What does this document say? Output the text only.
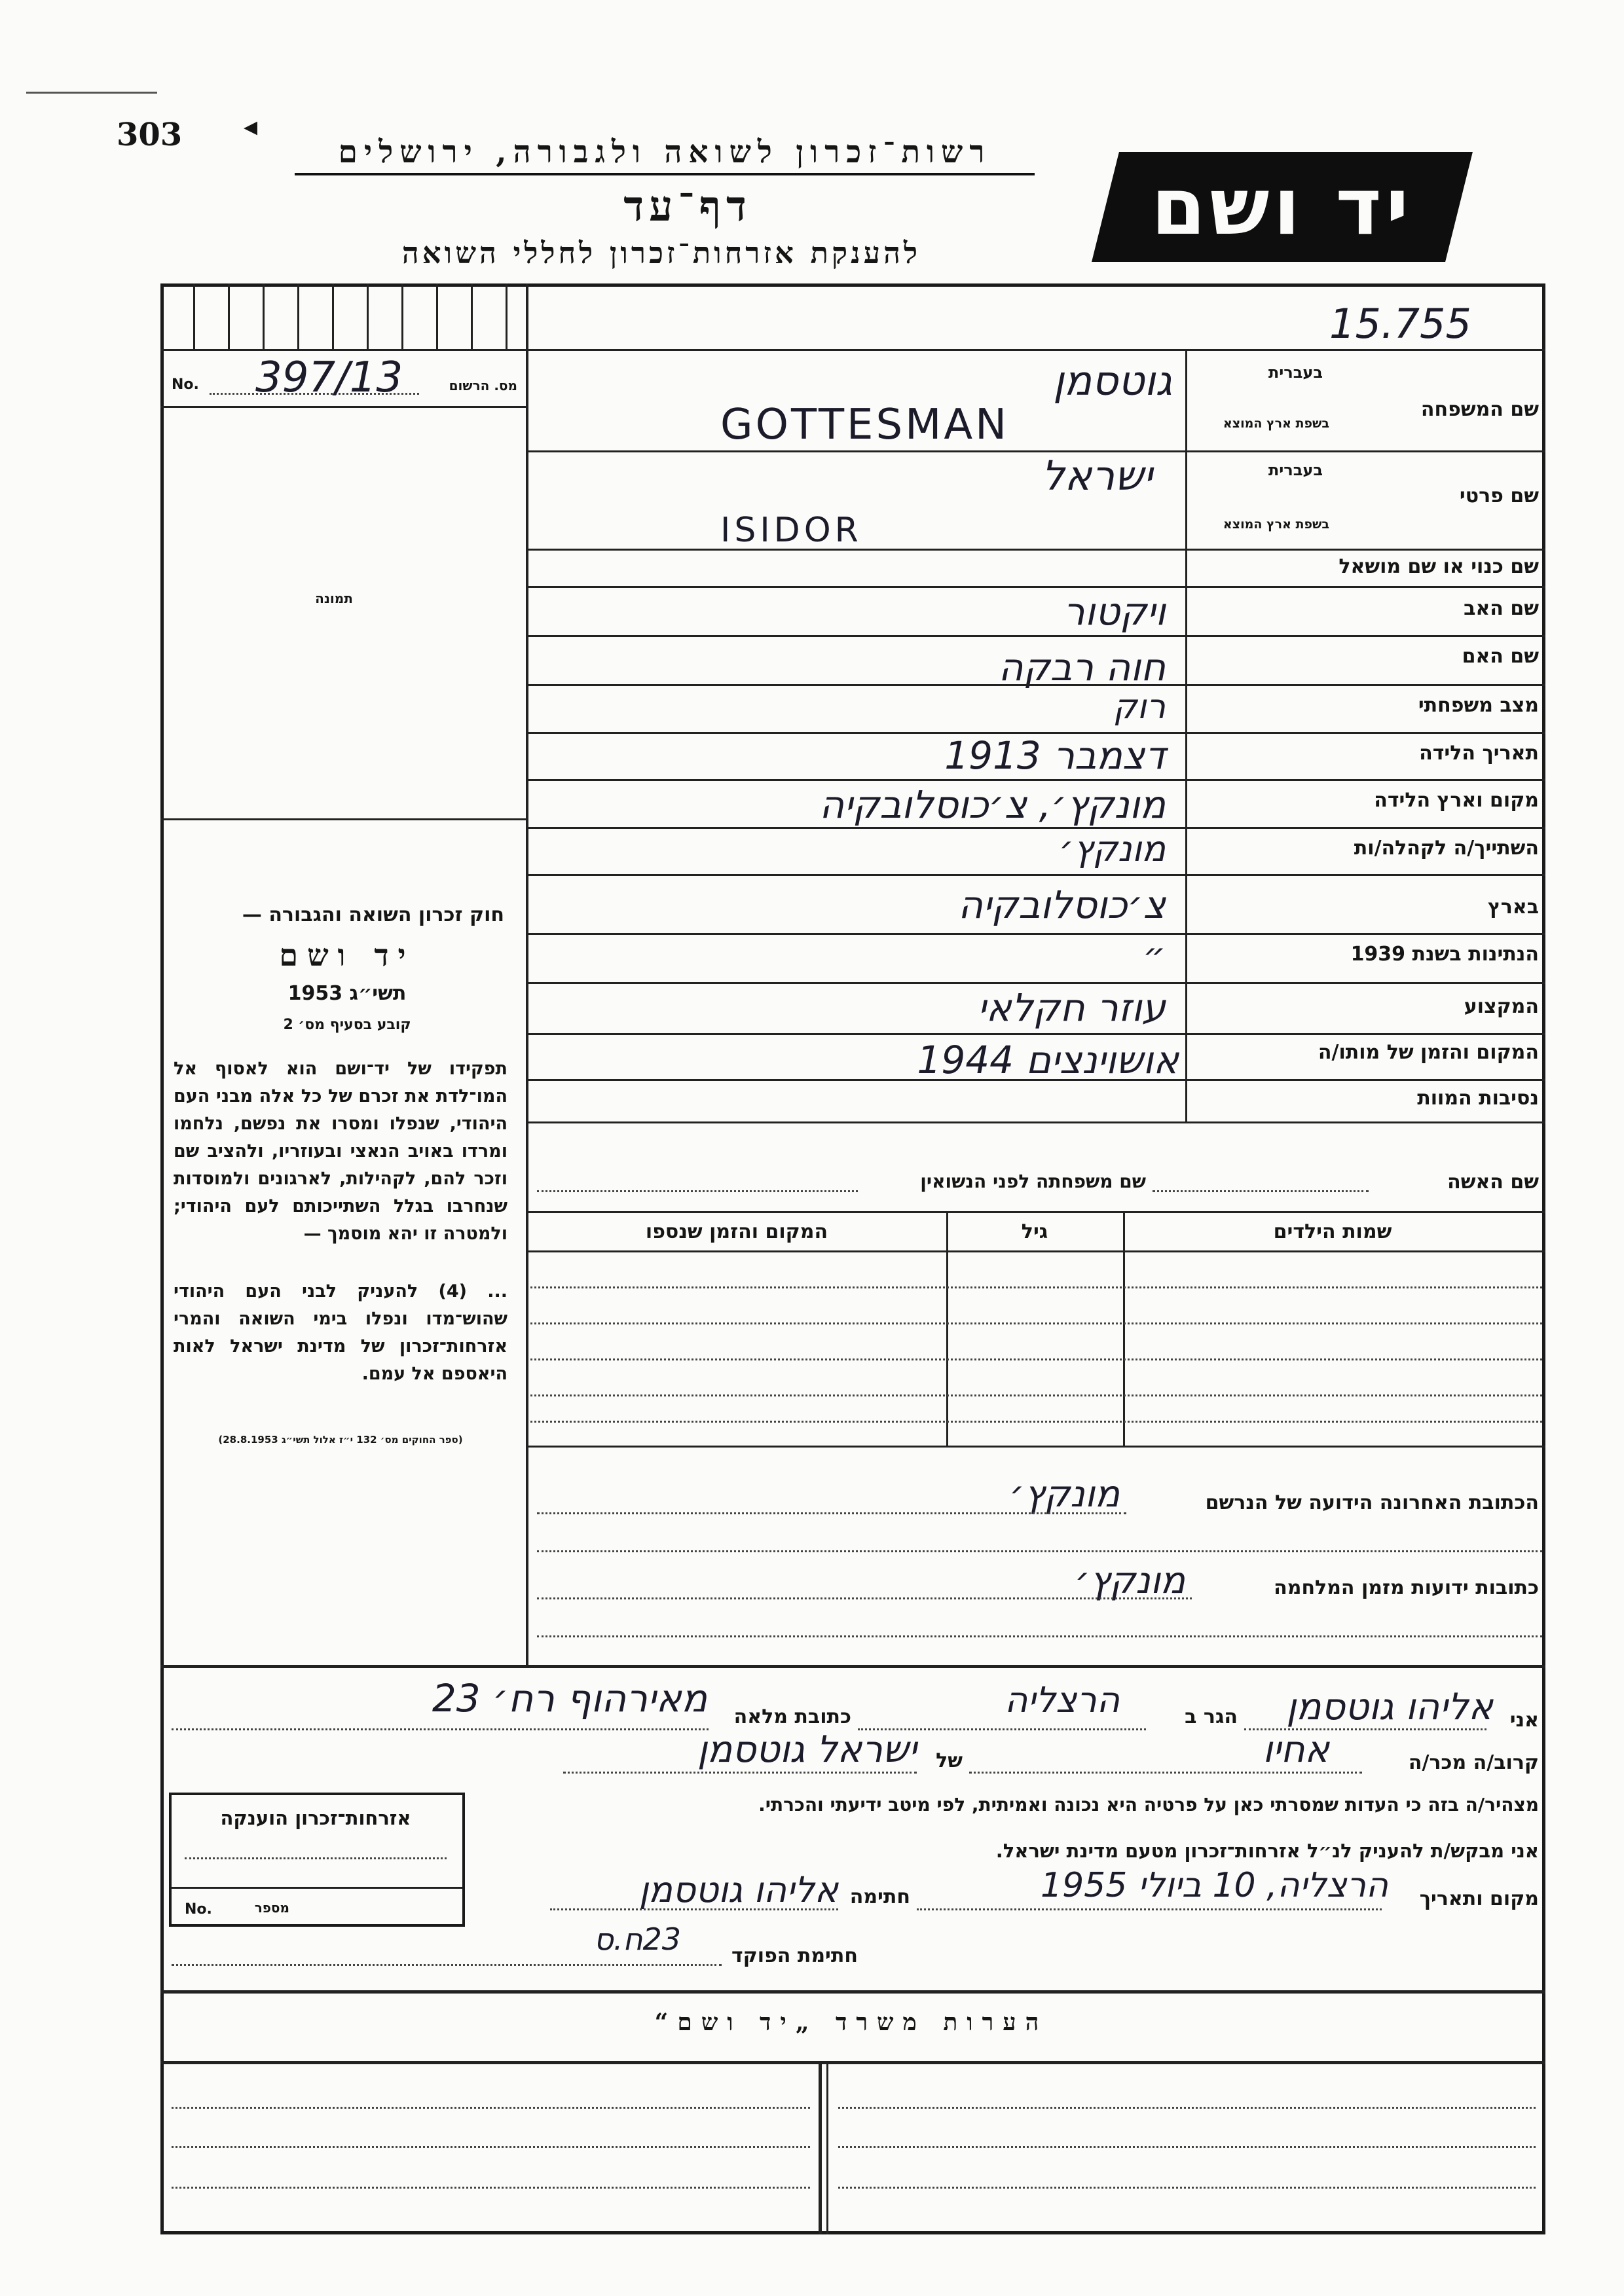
303 ◂
רשות־זכרון לשואה ולגבורה, ירושלים
דף־עד
להענקת אזרחות־זכרון לחללי השואה
יד ושם
15.755
No. 397/13	מס. הרשום
תמונה
חוק זכרון השואה והגבורה —
יד ושם
תשי״ג 1953
קובע בסעיף מס׳ 2
תפקידו של יד־ושם הוא לאסוף אל המו־לדת את זכרם של כל אלה מבני העם היהודי, שנפלו ומסרו את נפשם, נלחמו ומרדו באויב הנאצי ובעוזריו, ולהציב שם וזכר להם, לקהילות, לארגונים ולמוסדות שנחרבו בגלל השתייכותם לעם היהודי; ולמטרה זו יהא מוסמך —
... (4) להעניק לבני העם היהודי שהוש־מדו ונפלו בימי השואה והמרי אזרחות־זכרון של מדינת ישראל לאות היאספם אל עמם.
(ספר החוקים מס׳ 132 י״ז אלול תשי״ג 28.8.1953)
שם המשפחה
בעברית
בשפת ארץ המוצא
גוטסמן
GOTTESMAN
שם פרטי
בעברית
בשפת ארץ המוצא
ישראל
ISIDOR
שם כנוי או שם מושאל
שם האב
ויקטור
שם האם
חוה רבקה
מצב משפחתי
רוק
תאריך הלידה
דצמבר 1913
מקום וארץ הלידה
מונקץ׳, צ׳כוסלובקיה
השתייך/ה לקהלה/ות
מונקץ׳
בארץ
צ׳כוסלובקיה
הנתינות בשנת 1939
״
המקצוע
עוזר חקלאי
המקום והזמן של מותו/ה
אושוינצים 1944
נסיבות המוות
שם האשה
שם משפחתה לפני הנשואין
שמות הילדים
גיל
המקום והזמן שנספו
הכתובת האחרונה הידועה של הנרשם
מונקץ׳
כתובות ידועות מזמן המלחמה
מונקץ׳
אני
אליהו גוטסמן
הגר ב
הרצליה
כתובת מלאה
מאירהוף רח׳ 23
קרוב/ה מכר/ה
אחיו
של
ישראל גוטסמן
מצהיר/ה בזה כי העדות שמסרתי כאן על פרטיה היא נכונה ואמיתית, לפי מיטב ידיעתי והכרתי.
אני מבקש/ת להעניק לנ״ל אזרחות־זכרון מטעם מדינת ישראל.
מקום ותאריך
הרצליה, 10 ביולי 1955
חתימה
אליהו גוטסמן
חתימת הפוקד
23ח.ס
אזרחות־זכרון הוענקה
No.	מספר
הערות משרד „יד ושם“
